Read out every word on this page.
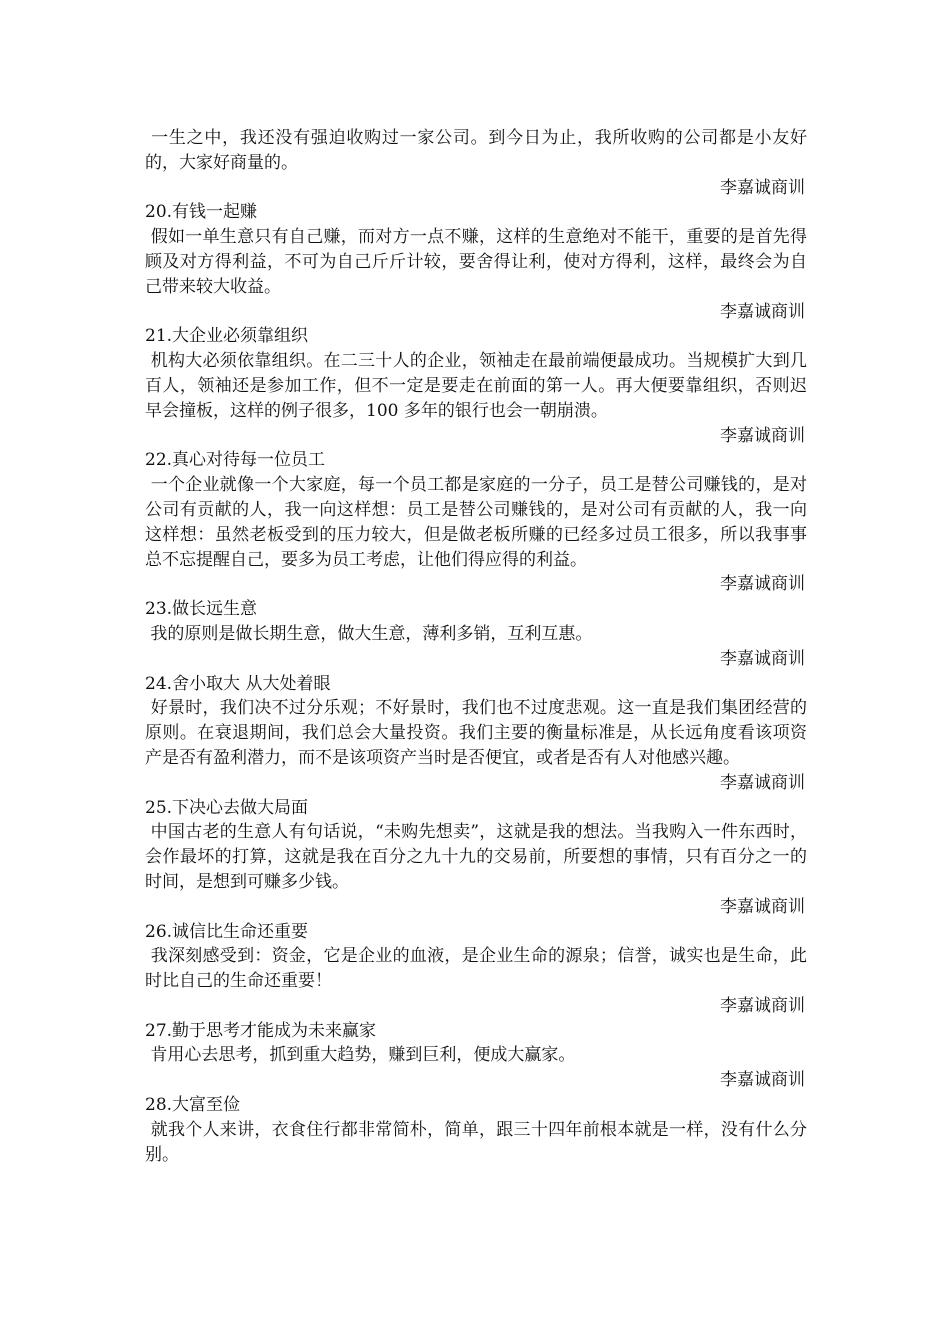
一生之中，我还没有强迫收购过一家公司。到今日为止，我所收购的公司都是小友好的，大家好商量的。

李嘉诚商训

20.有钱一起赚

假如一单生意只有自己赚，而对方一点不赚，这样的生意绝对不能干，重要的是首先得顾及对方得利益，不可为自己斤斤计较，要舍得让利，使对方得利，这样，最终会为自己带来较大收益。

李嘉诚商训

21.大企业必须靠组织

机构大必须依靠组织。在二三十人的企业，领袖走在最前端便最成功。当规模扩大到几百人，领袖还是参加工作，但不一定是要走在前面的第一人。再大便要靠组织，否则迟早会撞板，这样的例子很多，100 多年的银行也会一朝崩溃。

李嘉诚商训

22.真心对待每一位员工

一个企业就像一个大家庭，每一个员工都是家庭的一分子，员工是替公司赚钱的，是对公司有贡献的人，我一向这样想：员工是替公司赚钱的，是对公司有贡献的人，我一向这样想：虽然老板受到的压力较大，但是做老板所赚的已经多过员工很多，所以我事事总不忘提醒自己，要多为员工考虑，让他们得应得的利益。

李嘉诚商训

23.做长远生意

我的原则是做长期生意，做大生意，薄利多销，互利互惠。

李嘉诚商训

24.舍小取大 从大处着眼

好景时，我们决不过分乐观；不好景时，我们也不过度悲观。这一直是我们集团经营的原则。在衰退期间，我们总会大量投资。我们主要的衡量标准是，从长远角度看该项资产是否有盈利潜力，而不是该项资产当时是否便宜，或者是否有人对他感兴趣。

李嘉诚商训

25.下决心去做大局面

中国古老的生意人有句话说，“未购先想卖”，这就是我的想法。当我购入一件东西时，会作最坏的打算，这就是我在百分之九十九的交易前，所要想的事情，只有百分之一的时间，是想到可赚多少钱。

李嘉诚商训

26.诚信比生命还重要

我深刻感受到：资金，它是企业的血液，是企业生命的源泉；信誉，诚实也是生命，此时比自己的生命还重要！

李嘉诚商训

27.勤于思考才能成为未来赢家

肯用心去思考，抓到重大趋势，赚到巨利，便成大赢家。

李嘉诚商训

28.大富至俭

就我个人来讲，衣食住行都非常简朴，简单，跟三十四年前根本就是一样，没有什么分别。
